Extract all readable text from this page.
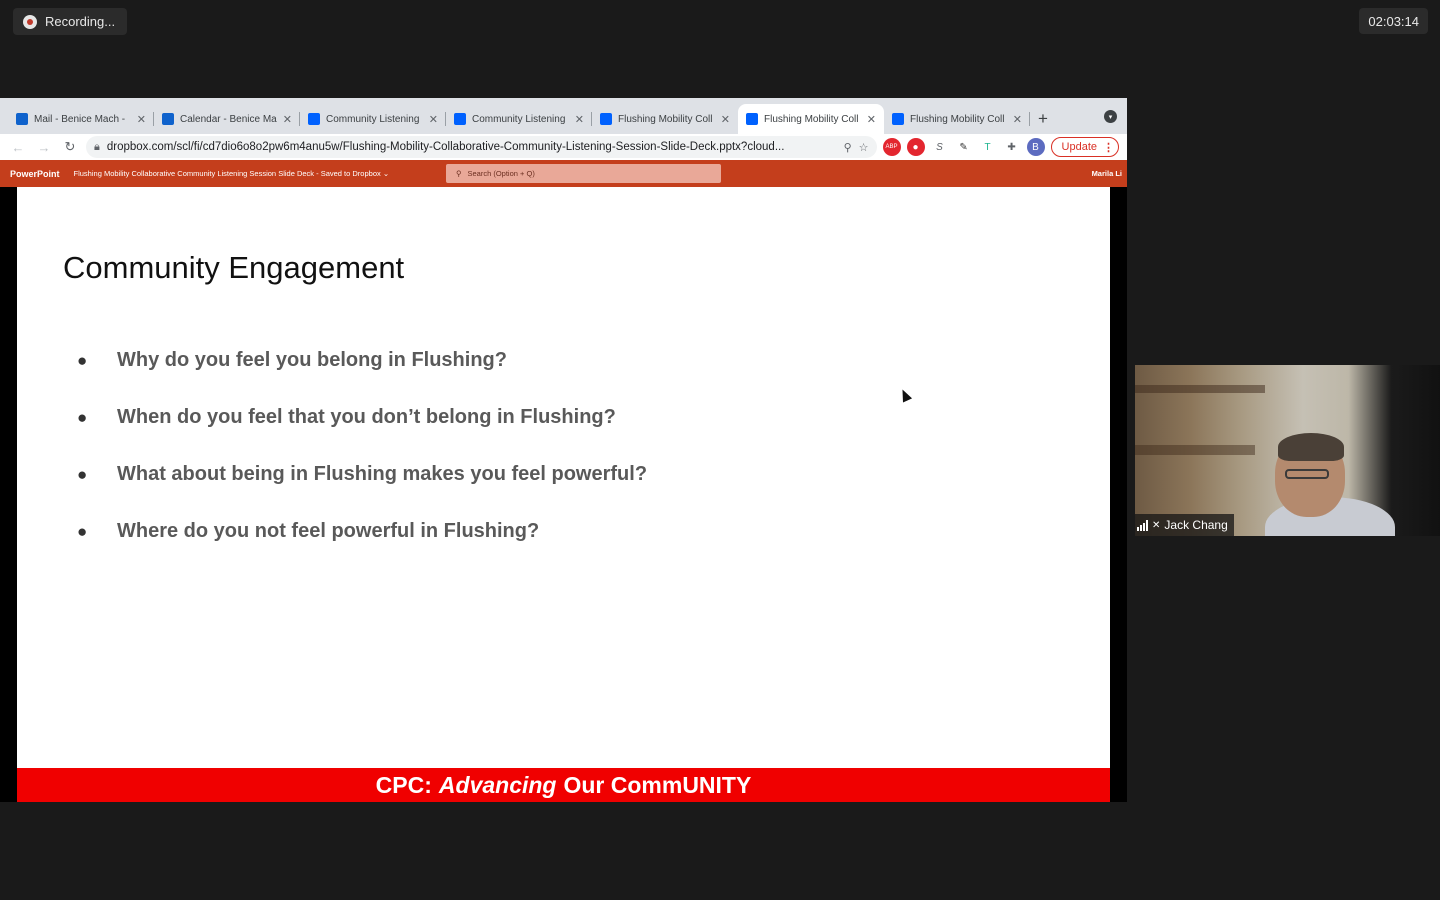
Recording...	02:03:14
Mail - Benice Mach -	✕	Calendar - Benice Ma ✕	Community Listening ✕	Community Listening ✕	Flushing Mobility Coll ✕	Flushing Mobility Coll ✕	Flushing Mobility Coll ✕ +	▾
← →	↻	🔒︎ dropbox.com/scl/fi/cd7dio6o8o2pw6m4anu5w/Flushing-Mobility-Collaborative-Community-Listening-Session-Slide-Deck.pptx?cloud...	⚲ ☆	ABP	●	S	✎	T	✚	B	Update ⋮
PowerPoint Flushing Mobility Collaborative Community Listening Session Slide Deck - Saved to Dropbox ⌄	⚲ Search (Option + Q)	Marila Li
Community Engagement
●	Why do you feel you belong in Flushing?
●	When do you feel that you don’t belong in Flushing?
●	What about being in Flushing makes you feel powerful?
●	Where do you not feel powerful in Flushing?
CPC: Advancing Our CommUNITY
✕ Jack Chang
